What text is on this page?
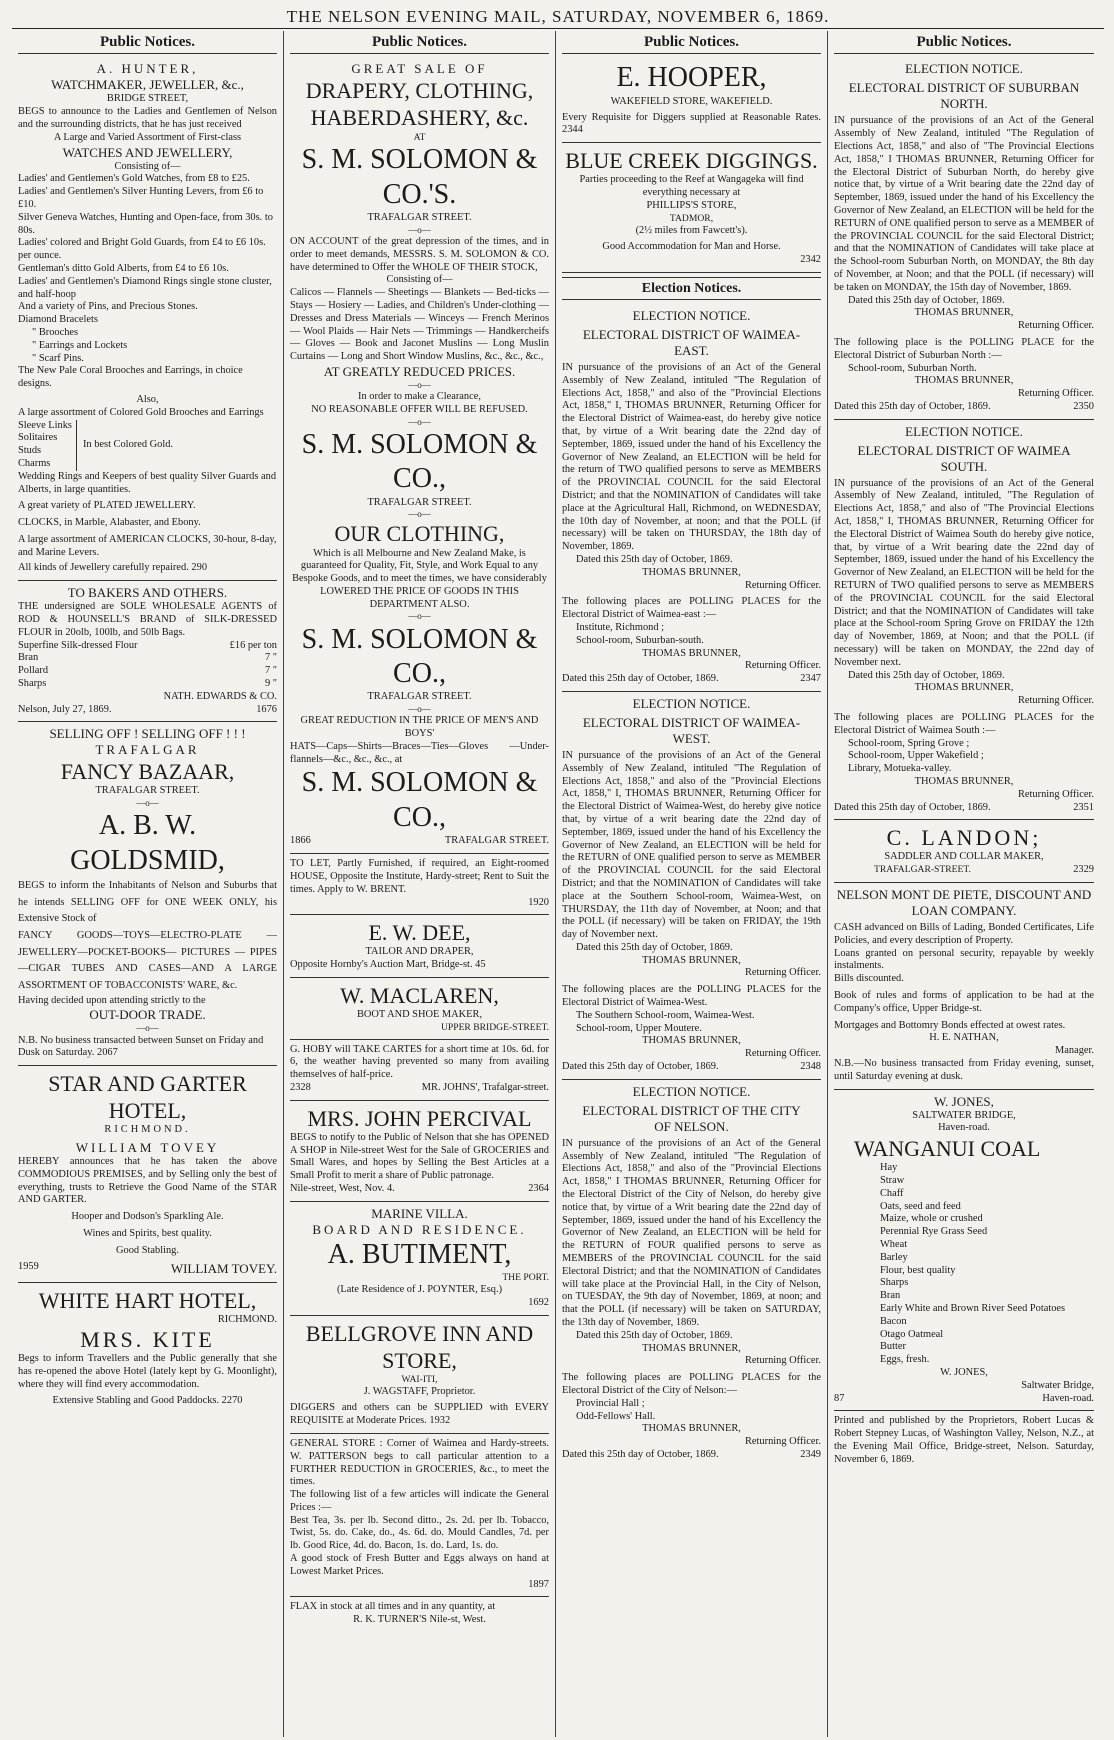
THE NELSON EVENING MAIL, SATURDAY, NOVEMBER 6, 1869.
Public Notices.
A. HUNTER,
WATCHMAKER, JEWELLER, &c.,
BRIDGE STREET,

BEGS to announce to the Ladies and Gentlemen of Nelson and the surrounding districts, that he has just received

A Large and Varied Assortment of First-class
WATCHES AND JEWELLERY,
Consisting of—
Ladies' and Gentlemen's Gold Watches, from £8 to £25.
Ladies' and Gentlemen's Silver Hunting Levers, from £6 to £10.
Silver Geneva Watches, Hunting and Open-face, from 30s. to 80s.
Ladies' colored and Bright Gold Guards, from £4 to £6 10s. per ounce.
Gentleman's ditto Gold Alberts, from £4 to £6 10s.
Ladies' and Gentlemen's Diamond Rings single stone cluster, and half-hoop
And a variety of Pins, and Precious Stones.
Diamond Bracelets
" Brooches
" Earrings and Lockets
" Scarf Pins.
The New Pale Coral Brooches and Earrings, in choice designs.
Also,
A large assortment of Colored Gold Brooches and Earrings
Sleeve Links
Solitaires
Studs
Charms
In best Colored Gold.
Wedding Rings and Keepers of best quality Silver Guards and Alberts, in large quantities.
A great variety of PLATED JEWELLERY.
CLOCKS, in Marble, Alabaster, and Ebony.
A large assortment of AMERICAN CLOCKS, 30-hour, 8-day, and Marine Levers.
All kinds of Jewellery carefully repaired. 290
TO BAKERS AND OTHERS.

THE undersigned are SOLE WHOLESALE AGENTS of ROD & HOUNSELL'S BRAND of SILK-DRESSED FLOUR in 20olb, 100lb, and 50lb Bags.

Superfine Silk-dressed Flour	£16 per ton
Bran	7 "
Pollard	7 "
Sharps	9 "
NATH. EDWARDS & CO.
Nelson, July 27, 1869.	1676
SELLING OFF ! SELLING OFF ! ! !
TRAFALGAR
FANCY BAZAAR,
TRAFALGAR STREET.
—o—
A. B. W. GOLDSMID,

BEGS to inform the Inhabitants of Nelson and Suburbs that he intends SELLING OFF for ONE WEEK ONLY, his Extensive Stock of

FANCY GOODS—TOYS—ELECTRO-PLATE —JEWELLERY—POCKET-BOOKS— PICTURES — PIPES—CIGAR TUBES AND CASES—AND A LARGE ASSORTMENT OF TOBACCONISTS' WARE, &c.

Having decided upon attending strictly to the

OUT-DOOR TRADE.
—o—

N.B. No business transacted between Sunset on Friday and Dusk on Saturday. 2067

STAR AND GARTER HOTEL,
RICHMOND.
WILLIAM TOVEY

HEREBY announces that he has taken the above COMMODIOUS PREMISES, and by Selling only the best of everything, trusts to Retrieve the Good Name of the STAR AND GARTER.

Hooper and Dodson's Sparkling Ale.
Wines and Spirits, best quality.
Good Stabling.
1959	WILLIAM TOVEY.
WHITE HART HOTEL,
RICHMOND.
MRS. KITE

Begs to inform Travellers and the Public generally that she has re-opened the above Hotel (lately kept by G. Moonlight), where they will find every accommodation.

Extensive Stabling and Good Paddocks. 2270
Public Notices.
GREAT SALE OF
DRAPERY, CLOTHING,
HABERDASHERY, &c.
AT
S. M. SOLOMON & CO.'S.
TRAFALGAR STREET.
—o—

ON ACCOUNT of the great depression of the times, and in order to meet demands, MESSRS. S. M. SOLOMON & CO. have determined to Offer the WHOLE OF THEIR STOCK,

Consisting of—

Calicos — Flannels — Sheetings — Blankets — Bed-ticks — Stays — Hosiery — Ladies, and Children's Under-clothing — Dresses and Dress Materials — Winceys — French Merinos — Wool Plaids — Hair Nets — Trimmings — Handkercheifs — Gloves — Book and Jaconet Muslins — Long Muslin Curtains — Long and Short Window Muslins, &c., &c., &c.,

AT GREATLY REDUCED PRICES.
—o—
In order to make a Clearance,
NO REASONABLE OFFER WILL BE REFUSED.
—o—
S. M. SOLOMON & CO.,
TRAFALGAR STREET.
—o—
OUR CLOTHING,

Which is all Melbourne and New Zealand Make, is guaranteed for Quality, Fit, Style, and Work Equal to any Bespoke Goods, and to meet the times, we have considerably

LOWERED THE PRICE OF GOODS IN THIS DEPARTMENT ALSO.
—o—
S. M. SOLOMON & CO.,
TRAFALGAR STREET.
—o—
GREAT REDUCTION IN THE PRICE OF MEN'S AND BOYS'

HATS—Caps—Shirts—Braces—Ties—Gloves —Under-flannels—&c., &c., &c., at

S. M. SOLOMON & CO.,
1866	TRAFALGAR STREET.

TO LET, Partly Furnished, if required, an Eight-roomed HOUSE, Opposite the Institute, Hardy-street; Rent to Suit the times. Apply to W. BRENT.

1920
E. W. DEE,
TAILOR AND DRAPER,
Opposite Hornby's Auction Mart, Bridge-st. 45
W. MACLAREN,
BOOT AND SHOE MAKER,
UPPER BRIDGE-STREET.

G. HOBY will TAKE CARTES for a short time at 10s. 6d. for 6, the weather having prevented so many from availing themselves of half-price.

2328	MR. JOHNS', Trafalgar-street.
MRS. JOHN PERCIVAL

BEGS to notify to the Public of Nelson that she has OPENED A SHOP in Nile-street West for the Sale of GROCERIES and Small Wares, and hopes by Selling the Best Articles at a Small Profit to merit a share of Public patronage.

Nile-street, West, Nov. 4.	2364
MARINE VILLA.
BOARD AND RESIDENCE.
A. BUTIMENT,
THE PORT.
(Late Residence of J. POYNTER, Esq.)
1692
BELLGROVE INN AND STORE,
WAI-ITI,
J. WAGSTAFF, Proprietor.

DIGGERS and others can be SUPPLIED with EVERY REQUISITE at Moderate Prices. 1932

GENERAL STORE : Corner of Waimea and Hardy-streets. W. PATTERSON begs to call particular attention to a FURTHER REDUCTION in GROCERIES, &c., to meet the times.

The following list of a few articles will indicate the General Prices :—

Best Tea, 3s. per lb. Second ditto., 2s. 2d. per lb. Tobacco, Twist, 5s. do. Cake, do., 4s. 6d. do. Mould Candles, 7d. per lb. Good Rice, 4d. do. Bacon, 1s. do. Lard, 1s. do.

A good stock of Fresh Butter and Eggs always on hand at Lowest Market Prices.

1897

FLAX in stock at all times and in any quantity, at

R. K. TURNER'S Nile-st, West.
Public Notices.
E. HOOPER,
WAKEFIELD STORE, WAKEFIELD.

Every Requisite for Diggers supplied at Reasonable Rates. 2344

BLUE CREEK DIGGINGS.

Parties proceeding to the Reef at Wangageka will find everything necessary at

PHILLIPS'S STORE,
TADMOR,
(2½ miles from Fawcett's).
Good Accommodation for Man and Horse.
2342
Election Notices.
ELECTION NOTICE.
ELECTORAL DISTRICT OF WAIMEA-EAST.

IN pursuance of the provisions of an Act of the General Assembly of New Zealand, intituled "The Regulation of Elections Act, 1858," and also of the "Provincial Elections Act, 1858," I, THOMAS BRUNNER, Returning Officer for the Electoral District of Waimea-east, do hereby give notice that, by virtue of a Writ bearing date the 22nd day of September, 1869, issued under the hand of his Excellency the Governor of New Zealand, an ELECTION will be held for the return of TWO qualified persons to serve as MEMBERS of the PROVINCIAL COUNCIL for the said Electoral District; and that the NOMINATION of Candidates will take place at the Agricultural Hall, Richmond, on WEDNESDAY, the 10th day of November, at noon; and that the POLL (if necessary) will be taken on THURSDAY, the 18th day of November, 1869.

Dated this 25th day of October, 1869.
THOMAS BRUNNER,
Returning Officer.

The following places are POLLING PLACES for the Electoral District of Waimea-east :—

Institute, Richmond ;
School-room, Suburban-south.
THOMAS BRUNNER,
Returning Officer.
Dated this 25th day of October, 1869.	2347
ELECTION NOTICE.
ELECTORAL DISTRICT OF WAIMEA-WEST.

IN pursuance of the provisions of an Act of the General Assembly of New Zealand, intituled "The Regulation of Elections Act, 1858," and also of the "Provincial Elections Act, 1858," I, THOMAS BRUNNER, Returning Officer for the Electoral District of Waimea-West, do hereby give notice that, by virtue of a writ bearing date the 22nd day of September, 1869, issued under the hand of his Excellency the Governor of New Zealand, an ELECTION will be held for the RETURN of ONE qualified person to serve as MEMBER of the PROVINCIAL COUNCIL for the said Electoral District; and that the NOMINATION of Candidates will take place at the Southern School-room, Waimea-West, on THURSDAY, the 11th day of November, at Noon; and that the POLL (if necessary) will be taken on FRIDAY, the 19th day of November next.

Dated this 25th day of October, 1869.
THOMAS BRUNNER,
Returning Officer.

The following places are the POLLING PLACES for the Electoral District of Waimea-West.

The Southern School-room, Waimea-West.
School-room, Upper Moutere.
THOMAS BRUNNER,
Returning Officer.
Dated this 25th day of October, 1869.	2348
ELECTION NOTICE.
ELECTORAL DISTRICT OF THE CITY OF NELSON.

IN pursuance of the provisions of an Act of the General Assembly of New Zealand, intituled "The Regulation of Elections Act, 1858," and also of the "Provincial Elections Act, 1858," I THOMAS BRUNNER, Returning Officer for the Electoral District of the City of Nelson, do hereby give notice that, by virtue of a Writ bearing date the 22nd day of September, 1869, issued under the hand of his Excellency the Governor of New Zealand, an ELECTION will be held for the RETURN of FOUR qualified persons to serve as MEMBERS of the PROVINCIAL COUNCIL for the said Electoral District; and that the NOMINATION of Candidates will take place at the Provincial Hall, in the City of Nelson, on TUESDAY, the 9th day of November, 1869, at noon; and that the POLL (if necessary) will be taken on SATURDAY, the 13th day of November, 1869.

Dated this 25th day of October, 1869.
THOMAS BRUNNER,
Returning Officer.

The following places are POLLING PLACES for the Electoral District of the City of Nelson:—

Provincial Hall ;
Odd-Fellows' Hall.
THOMAS BRUNNER,
Returning Officer.
Dated this 25th day of October, 1869.	2349
Public Notices.
ELECTION NOTICE.
ELECTORAL DISTRICT OF SUBURBAN NORTH.

IN pursuance of the provisions of an Act of the General Assembly of New Zealand, intituled "The Regulation of Elections Act, 1858," and also of "The Provincial Elections Act, 1858," I THOMAS BRUNNER, Returning Officer for the Electoral District of Suburban North, do hereby give notice that, by virtue of a Writ bearing date the 22nd day of September, 1869, issued under the hand of his Excellency the Governor of New Zealand, an ELECTION will be held for the RETURN of ONE qualified person to serve as a MEMBER of the PROVINCIAL COUNCIL for the said Electoral District; and that the NOMINATION of Candidates will take place at the School-room Suburban North, on MONDAY, the 8th day of November, at Noon; and that the POLL (if necessary) will be taken on MONDAY, the 15th day of November, 1869.

Dated this 25th day of October, 1869.
THOMAS BRUNNER,
Returning Officer.

The following place is the POLLING PLACE for the Electoral District of Suburban North :—

School-room, Suburban North.
THOMAS BRUNNER,
Returning Officer.
Dated this 25th day of October, 1869.	2350
ELECTION NOTICE.
ELECTORAL DISTRICT OF WAIMEA SOUTH.

IN pursuance of the provisions of an Act of the General Assembly of New Zealand, intituled, "The Regulation of Elections Act, 1858," and also of "The Provincial Elections Act, 1858," I, THOMAS BRUNNER, Returning Officer for the Electoral District of Waimea South do hereby give notice, that, by virtue of a Writ bearing date the 22nd day of September, 1869, issued under the hand of his Excellency the Governor of New Zealand, an ELECTION will be held for the RETURN of TWO qualified persons to serve as MEMBERS of the PROVINCIAL COUNCIL for the said Electoral District; and that the NOMINATION of Candidates will take place at the School-room Spring Grove on FRIDAY the 12th day of November, 1869, at Noon; and that the POLL (if necessary) will be taken on MONDAY, the 22nd day of November next.

Dated this 25th day of October, 1869.
THOMAS BRUNNER,
Returning Officer.

The following places are POLLING PLACES for the Electoral District of Waimea South :—

School-room, Spring Grove ;
School-room, Upper Wakefield ;
Library, Motueka-valley.
THOMAS BRUNNER,
Returning Officer.
Dated this 25th day of October, 1869.	2351
C. LANDON;
SADDLER AND COLLAR MAKER,
TRAFALGAR-STREET.	2329
NELSON MONT DE PIETE, DISCOUNT AND LOAN COMPANY.

CASH advanced on Bills of Lading, Bonded Certificates, Life Policies, and every description of Property.

Loans granted on personal security, repayable by weekly instalments.

Bills discounted.

Book of rules and forms of application to be had at the Company's office, Upper Bridge-st.

Mortgages and Bottomry Bonds effected at owest rates.

H. E. NATHAN,
Manager.

N.B.—No business transacted from Friday evening, sunset, until Saturday evening at dusk.

W. JONES,
SALTWATER BRIDGE,
Haven-road.
WANGANUI COAL
Hay
Straw
Chaff
Oats, seed and feed
Maize, whole or crushed
Perennial Rye Grass Seed
Wheat
Barley
Flour, best quality
Sharps
Bran
Early White and Brown River Seed Potatoes
Bacon
Otago Oatmeal
Butter
Eggs, fresh.
W. JONES,
Saltwater Bridge,
87	Haven-road.

Printed and published by the Proprietors, Robert Lucas & Robert Stepney Lucas, of Washington Valley, Nelson, N.Z., at the Evening Mail Office, Bridge-street, Nelson. Saturday, November 6, 1869.
